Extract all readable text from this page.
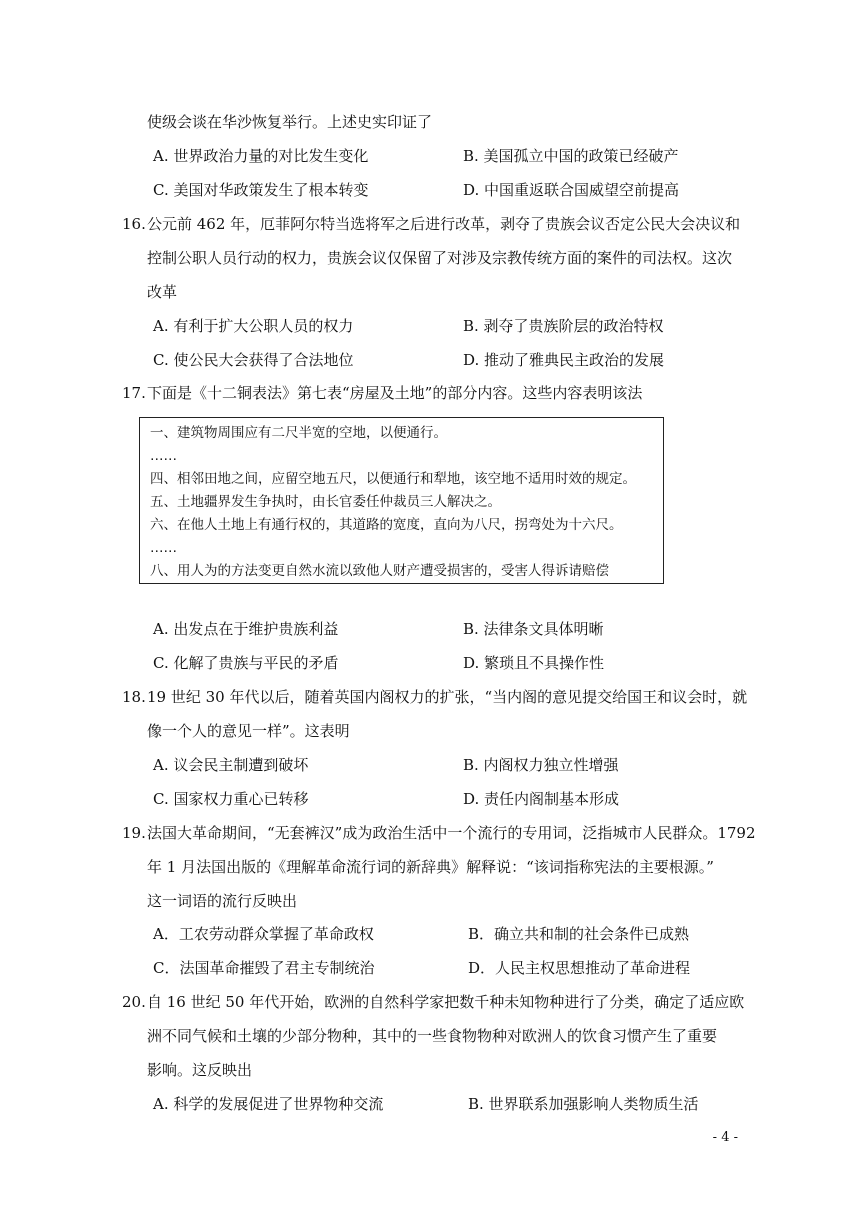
使级会谈在华沙恢复举行。上述史实印证了
A. 世界政治力量的对比发生变化	B. 美国孤立中国的政策已经破产
C. 美国对华政策发生了根本转变	D. 中国重返联合国威望空前提高
16. 公元前 462 年，厄菲阿尔特当选将军之后进行改革，剥夺了贵族会议否定公民大会决议和
控制公职人员行动的权力，贵族会议仅保留了对涉及宗教传统方面的案件的司法权。这次
改革
A. 有利于扩大公职人员的权力	B. 剥夺了贵族阶层的政治特权
C. 使公民大会获得了合法地位	D. 推动了雅典民主政治的发展
17. 下面是《十二铜表法》第七表“房屋及土地”的部分内容。这些内容表明该法
一、建筑物周围应有二尺半宽的空地，以便通行。
……
四、相邻田地之间，应留空地五尺，以便通行和犁地，该空地不适用时效的规定。
五、土地疆界发生争执时，由长官委任仲裁员三人解决之。
六、在他人土地上有通行权的，其道路的宽度，直向为八尺，拐弯处为十六尺。
……
八、用人为的方法变更自然水流以致他人财产遭受损害的，受害人得诉请赔偿
A. 出发点在于维护贵族利益	B. 法律条文具体明晰
C. 化解了贵族与平民的矛盾	D. 繁琐且不具操作性
18. 19 世纪 30 年代以后，随着英国内阁权力的扩张，“当内阁的意见提交给国王和议会时，就
像一个人的意见一样”。这表明
A. 议会民主制遭到破坏	B. 内阁权力独立性增强
C. 国家权力重心已转移	D. 责任内阁制基本形成
19. 法国大革命期间，“无套裤汉”成为政治生活中一个流行的专用词，泛指城市人民群众。1792
年 1 月法国出版的《理解革命流行词的新辞典》解释说：“该词指称宪法的主要根源。”
这一词语的流行反映出
A．工农劳动群众掌握了革命政权	B．确立共和制的社会条件已成熟
C．法国革命摧毁了君主专制统治	D．人民主权思想推动了革命进程
20. 自 16 世纪 50 年代开始，欧洲的自然科学家把数千种未知物种进行了分类，确定了适应欧
洲不同气候和土壤的少部分物种，其中的一些食物物种对欧洲人的饮食习惯产生了重要
影响。这反映出
A. 科学的发展促进了世界物种交流	B. 世界联系加强影响人类物质生活
- 4 -
